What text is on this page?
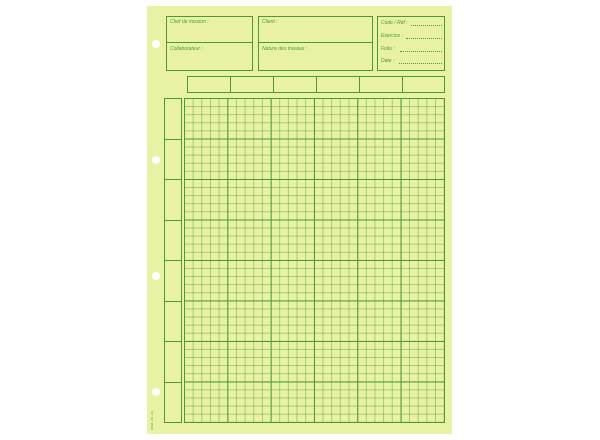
Chef de mission :
Collaborateur :
Client :
Nature des travaux :
Code / Réf :
Exercice :
Folio :
Date :
ODM - 09 - 03
